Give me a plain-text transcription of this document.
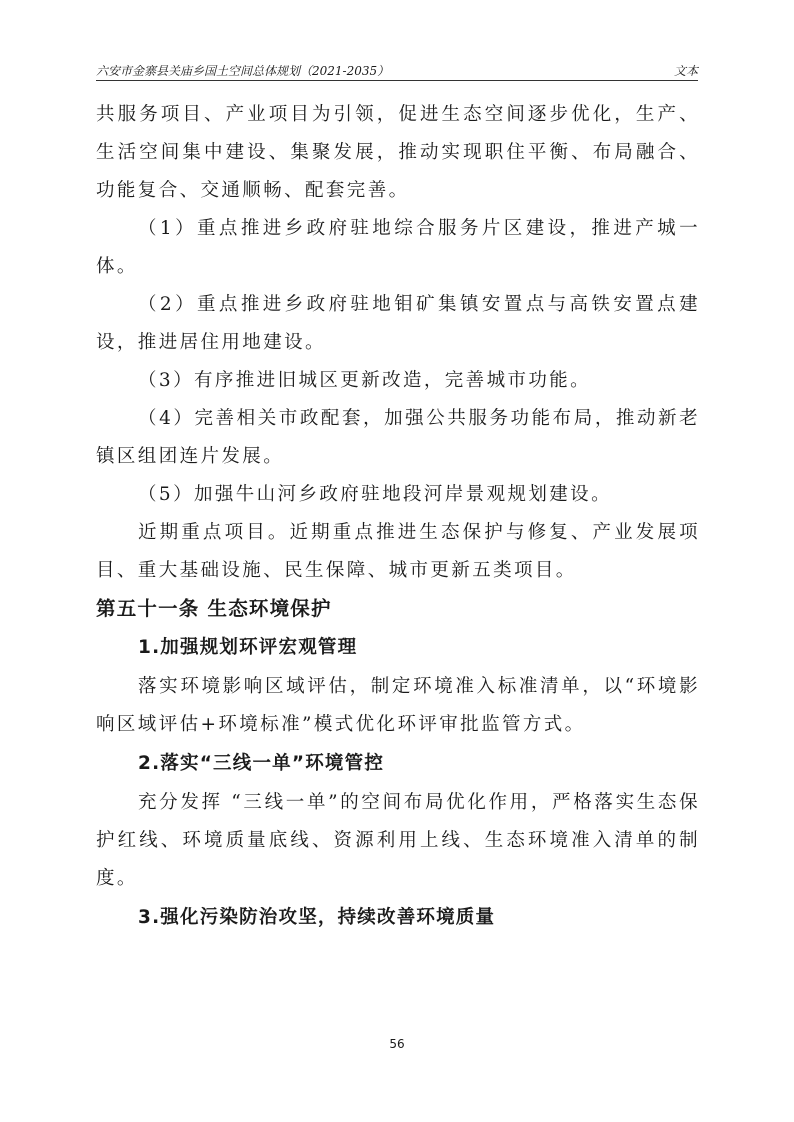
六安市金寨县关庙乡国土空间总体规划（2021-2035）	文本

共服务项目、产业项目为引领，促进生态空间逐步优化，生产、生活空间集中建设、集聚发展，推动实现职住平衡、布局融合、功能复合、交通顺畅、配套完善。

（1）重点推进乡政府驻地综合服务片区建设，推进产城一体。

（2）重点推进乡政府驻地钼矿集镇安置点与高铁安置点建设，推进居住用地建设。

（3）有序推进旧城区更新改造，完善城市功能。

（4）完善相关市政配套，加强公共服务功能布局，推动新老镇区组团连片发展。

（5）加强牛山河乡政府驻地段河岸景观规划建设。

近期重点项目。近期重点推进生态保护与修复、产业发展项目、重大基础设施、民生保障、城市更新五类项目。

第五十一条 生态环境保护
1.加强规划环评宏观管理

落实环境影响区域评估，制定环境准入标准清单，以“环境影响区域评估+环境标准”模式优化环评审批监管方式。

2.落实“三线一单”环境管控

充分发挥 “三线一单”的空间布局优化作用，严格落实生态保护红线、环境质量底线、资源利用上线、生态环境准入清单的制度。

3.强化污染防治攻坚，持续改善环境质量
56
